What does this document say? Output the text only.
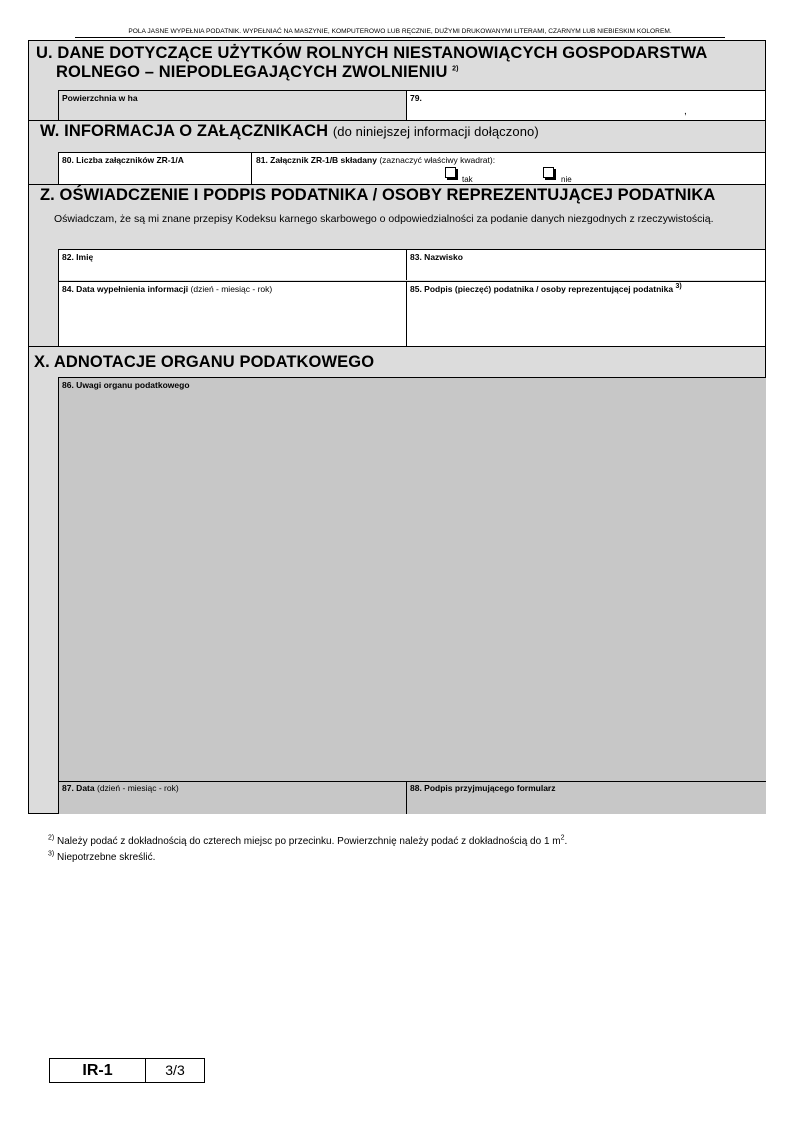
POLA JASNE WYPEŁNIA PODATNIK. WYPEŁNIAĆ NA MASZYNIE, KOMPUTEROWO LUB RĘCZNIE, DUŻYMI DRUKOWANYMI LITERAMI, CZARNYM LUB NIEBIESKIM KOLOREM.
U. DANE DOTYCZĄCE UŻYTKÓW ROLNYCH NIESTANOWIĄCYCH GOSPODARSTWA
ROLNEGO – NIEPODLEGAJĄCYCH ZWOLNIENIU $^{2)}$
Powierzchnia w ha	79.
,
W. INFORMACJA O ZAŁĄCZNIKACH (do niniejszej informacji dołączono)
80. Liczba załączników ZR-1/A	81. Załącznik ZR-1/B składany (zaznaczyć właściwy kwadrat):
tak	nie
Z. OŚWIADCZENIE I PODPIS PODATNIKA / OSOBY REPREZENTUJĄCEJ PODATNIKA
Oświadczam, że są mi znane przepisy Kodeksu karnego skarbowego o odpowiedzialności za podanie danych niezgodnych z rzeczywistością.
82. Imię	83. Nazwisko
84. Data wypełnienia informacji (dzień - miesiąc - rok)	85. Podpis (pieczęć) podatnika / osoby reprezentującej podatnika $^{3)}$
X. ADNOTACJE ORGANU PODATKOWEGO
86. Uwagi organu podatkowego
87. Data (dzień - miesiąc - rok)	88. Podpis przyjmującego formularz
$^{2)}$ Należy podać z dokładnością do czterech miejsc po przecinku. Powierzchnię należy podać z dokładnością do 1 $m^2$.
$^{3)}$ Niepotrzebne skreślić.
IR-1	3/3
